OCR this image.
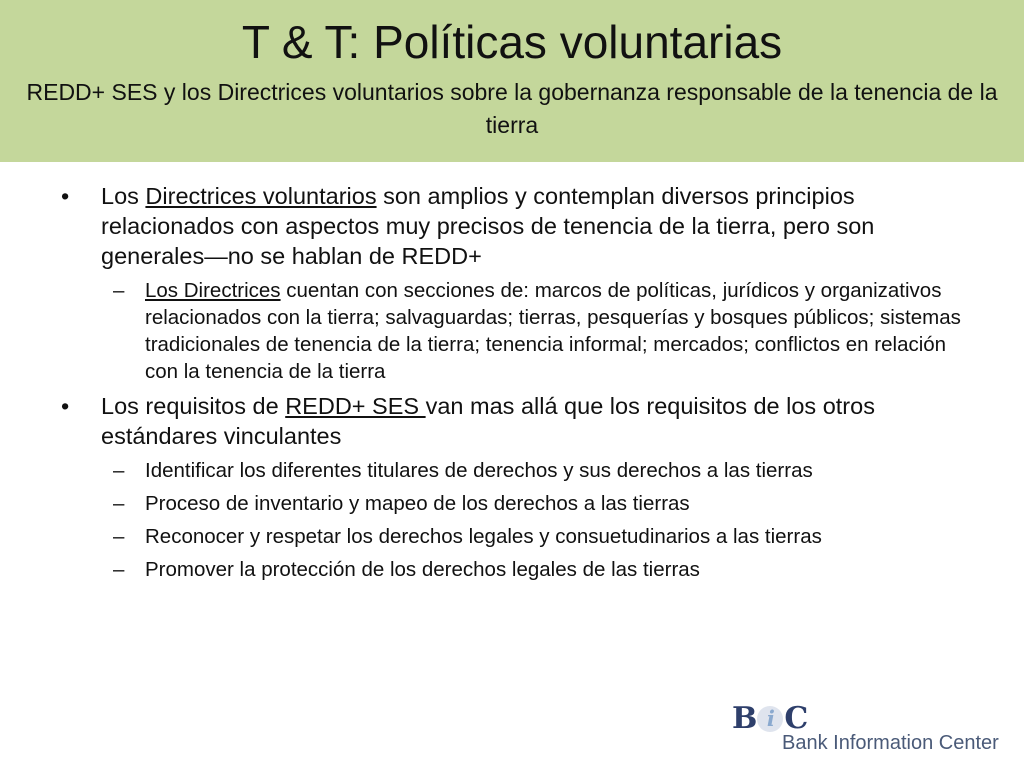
T & T: Políticas voluntarias
REDD+ SES y los Directrices voluntarios sobre la gobernanza responsable de la tenencia de la tierra
• Los Directrices voluntarios son amplios y contemplan diversos principios relacionados con aspectos muy precisos de tenencia de la tierra, pero son generales—no se hablan de REDD+
– Los Directrices cuentan con secciones de: marcos de políticas, jurídicos y organizativos relacionados con la tierra; salvaguardas; tierras, pesquerías y bosques públicos; sistemas tradicionales de tenencia de la tierra; tenencia informal; mercados; conflictos en relación con la tenencia de la tierra
• Los requisitos de REDD+ SES van mas allá que los requisitos de los otros estándares vinculantes
– Identificar los diferentes titulares de derechos y sus derechos a las tierras
– Proceso de inventario y mapeo de los derechos a las tierras
– Reconocer y respetar los derechos legales y consuetudinarios a las tierras
– Promover la protección de los derechos legales de las tierras
B i C
Bank Information Center
